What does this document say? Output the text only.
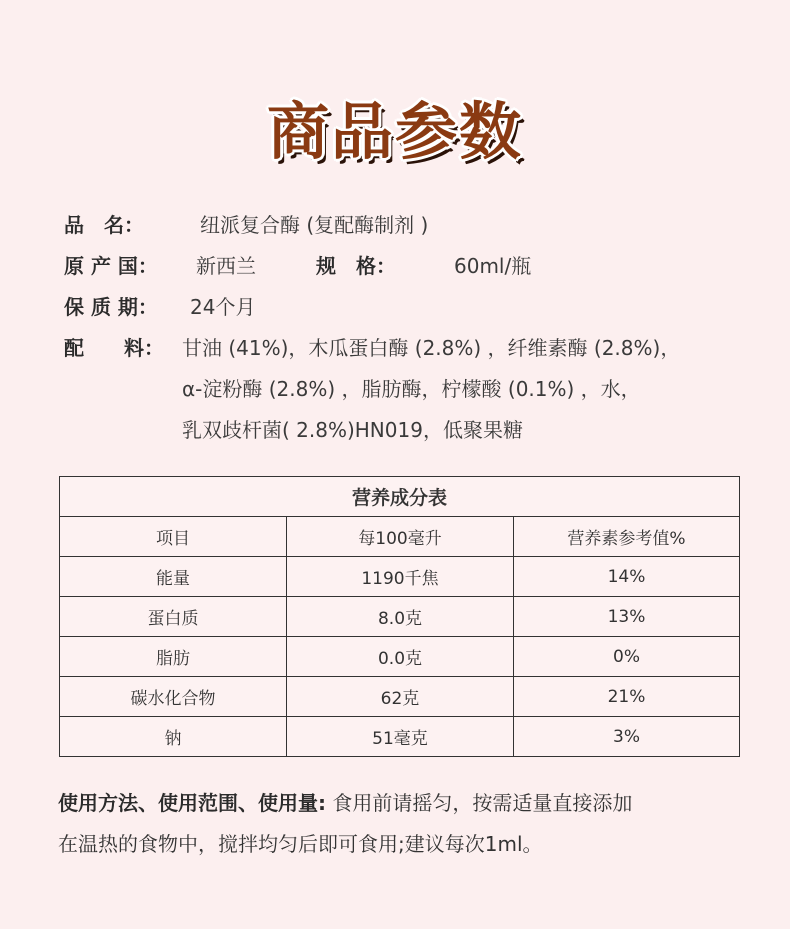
商品参数
品　名：	纽派复合酶 (复配酶制剂 )
原 产 国： 新西兰	规　格：	60ml/瓶
保 质 期： 24个月
配　　料： 甘油 (41%)，木瓜蛋白酶 (2.8%) ，纤维素酶 (2.8%)，
α-淀粉酶 (2.8%) ，脂肪酶，柠檬酸 (0.1%) ，水，
乳双歧杆菌( 2.8%)HN019，低聚果糖
营养成分表		
项目	每100毫升	营养素参考值%
能量	1190千焦	14%
蛋白质	8.0克	13%
脂肪	0.0克	0%
碳水化合物	62克	21%
钠	51毫克	3%
使用方法、使用范围、使用量: 食用前请摇匀，按需适量直接添加
在温热的食物中，搅拌均匀后即可食用;建议每次1ml。
